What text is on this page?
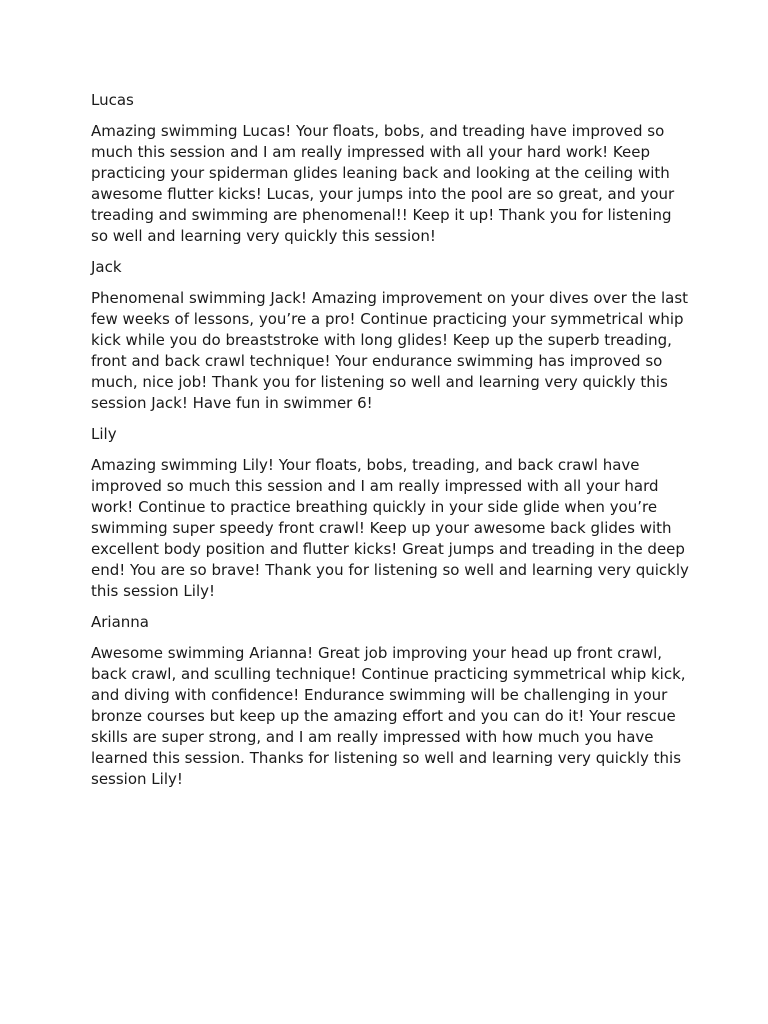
Lucas

Amazing swimming Lucas! Your floats, bobs, and treading have improved so much this session and I am really impressed with all your hard work! Keep practicing your spiderman glides leaning back and looking at the ceiling with awesome flutter kicks! Lucas, your jumps into the pool are so great, and your treading and swimming are phenomenal!! Keep it up! Thank you for listening so well and learning very quickly this session!

Jack

Phenomenal swimming Jack! Amazing improvement on your dives over the last few weeks of lessons, you’re a pro! Continue practicing your symmetrical whip kick while you do breaststroke with long glides! Keep up the superb treading, front and back crawl technique! Your endurance swimming has improved so much, nice job! Thank you for listening so well and learning very quickly this session Jack! Have fun in swimmer 6!

Lily

Amazing swimming Lily! Your floats, bobs, treading, and back crawl have improved so much this session and I am really impressed with all your hard work! Continue to practice breathing quickly in your side glide when you’re swimming super speedy front crawl! Keep up your awesome back glides with excellent body position and flutter kicks! Great jumps and treading in the deep end! You are so brave! Thank you for listening so well and learning very quickly this session Lily!

Arianna

Awesome swimming Arianna! Great job improving your head up front crawl, back crawl, and sculling technique! Continue practicing symmetrical whip kick, and diving with confidence! Endurance swimming will be challenging in your bronze courses but keep up the amazing effort and you can do it! Your rescue skills are super strong, and I am really impressed with how much you have learned this session. Thanks for listening so well and learning very quickly this session Lily!
